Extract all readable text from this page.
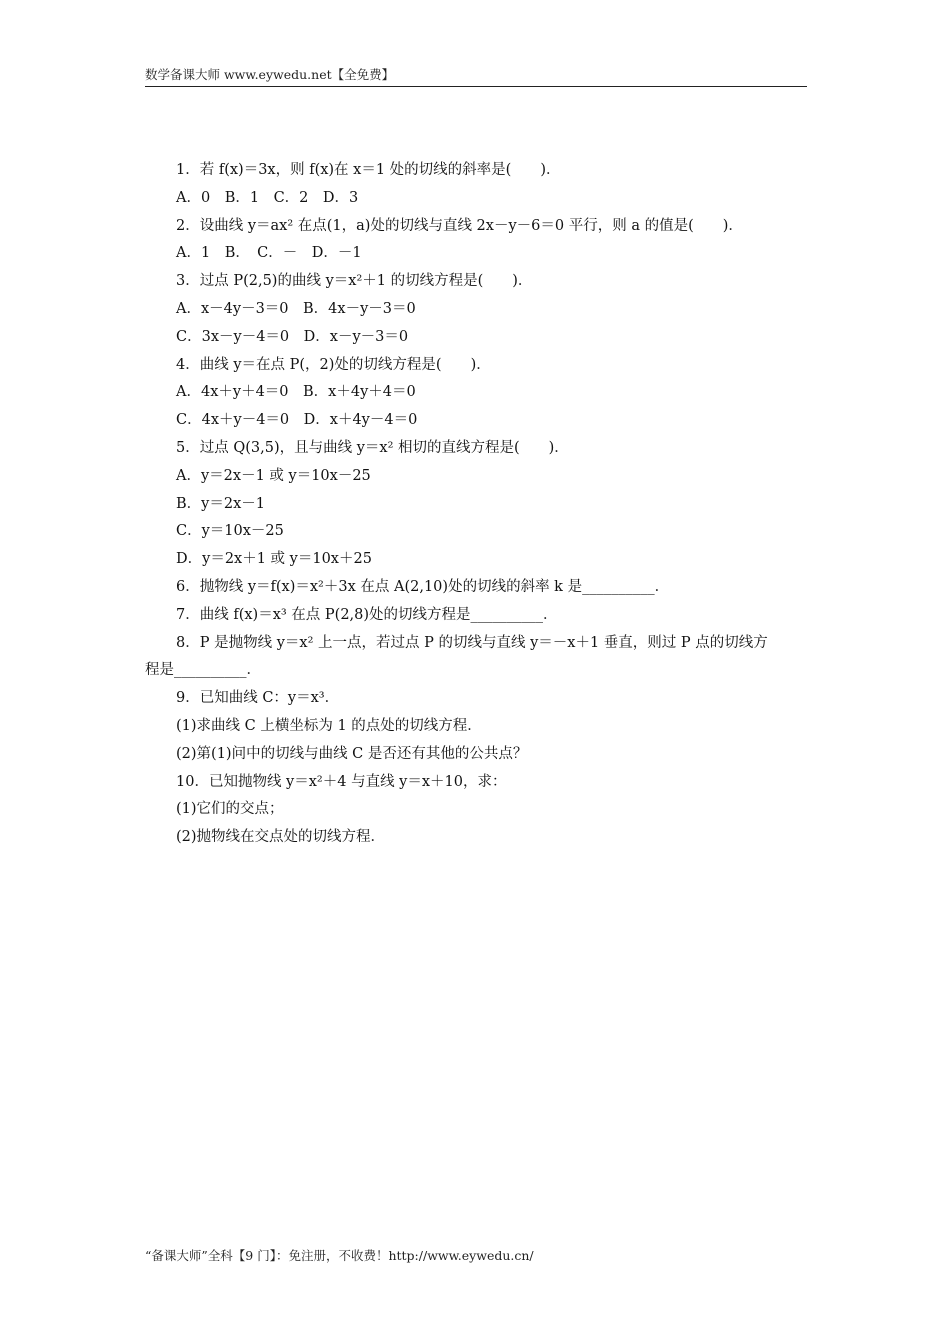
数学备课大师 www.eywedu.net【全免费】
1．若 f(x)＝3x，则 f(x)在 x＝1 处的切线的斜率是(　　)．
A．0　B．1　C．2　D．3
2．设曲线 y＝ax² 在点(1，a)处的切线与直线 2x－y－6＝0 平行，则 a 的值是(　　)．
A．1　B．　C．－　D．－1
3．过点 P(2,5)的曲线 y＝x²＋1 的切线方程是(　　)．
A．x－4y－3＝0　B．4x－y－3＝0
C．3x－y－4＝0　D．x－y－3＝0
4．曲线 y＝在点 P(，2)处的切线方程是(　　)．
A．4x＋y＋4＝0　B．x＋4y＋4＝0
C．4x＋y－4＝0　D．x＋4y－4＝0
5．过点 Q(3,5)，且与曲线 y＝x² 相切的直线方程是(　　)．
A．y＝2x－1 或 y＝10x－25
B．y＝2x－1
C．y＝10x－25
D．y＝2x＋1 或 y＝10x＋25
6．抛物线 y＝f(x)＝x²＋3x 在点 A(2,10)处的切线的斜率 k 是__________．
7．曲线 f(x)＝x³ 在点 P(2,8)处的切线方程是__________．
8．P 是抛物线 y＝x² 上一点，若过点 P 的切线与直线 y＝－x＋1 垂直，则过 P 点的切线方
程是__________．
9．已知曲线 C：y＝x³．
(1)求曲线 C 上横坐标为 1 的点处的切线方程．
(2)第(1)问中的切线与曲线 C 是否还有其他的公共点？
10．已知抛物线 y＝x²＋4 与直线 y＝x＋10，求：
(1)它们的交点；
(2)抛物线在交点处的切线方程．
“备课大师”全科【9 门】：免注册，不收费！http://www.eywedu.cn/
